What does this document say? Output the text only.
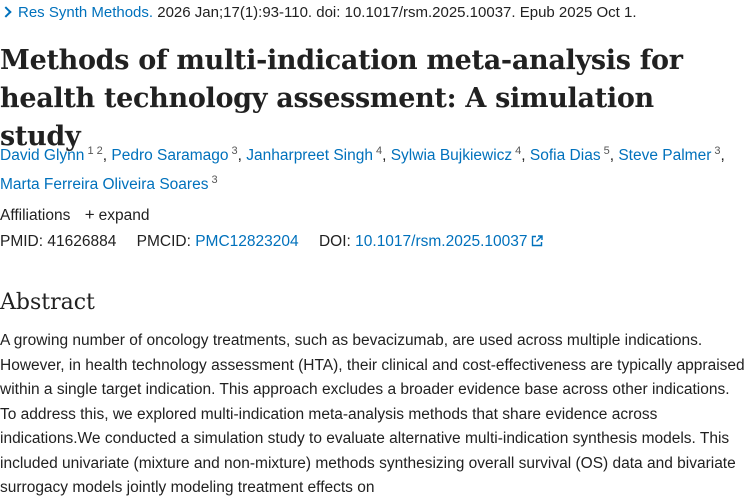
Res Synth Methods. 2026 Jan;17(1):93-110. doi: 10.1017/rsm.2025.10037. Epub 2025 Oct 1.
Methods of multi-indication meta-analysis for health technology assessment: A simulation study
David Glynn $^{1 2}$, Pedro Saramago $^3$, Janharpreet Singh $^4$, Sylwia Bujkiewicz $^4$, Sofia Dias $^5$, Steve Palmer $^3$, Marta Ferreira Oliveira Soares $^3$
Affiliations + expand
PMID: 41626884 PMCID: PMC12823204 DOI: 10.1017/rsm.2025.10037
Abstract

A growing number of oncology treatments, such as bevacizumab, are used across multiple indications. However, in health technology assessment (HTA), their clinical and cost-effectiveness are typically appraised within a single target indication. This approach excludes a broader evidence base across other indications. To address this, we explored multi-indication meta-analysis methods that share evidence across indications.We conducted a simulation study to evaluate alternative multi-indication synthesis models. This included univariate (mixture and non-mixture) methods synthesizing overall survival (OS) data and bivariate surrogacy models jointly modeling treatment effects on
